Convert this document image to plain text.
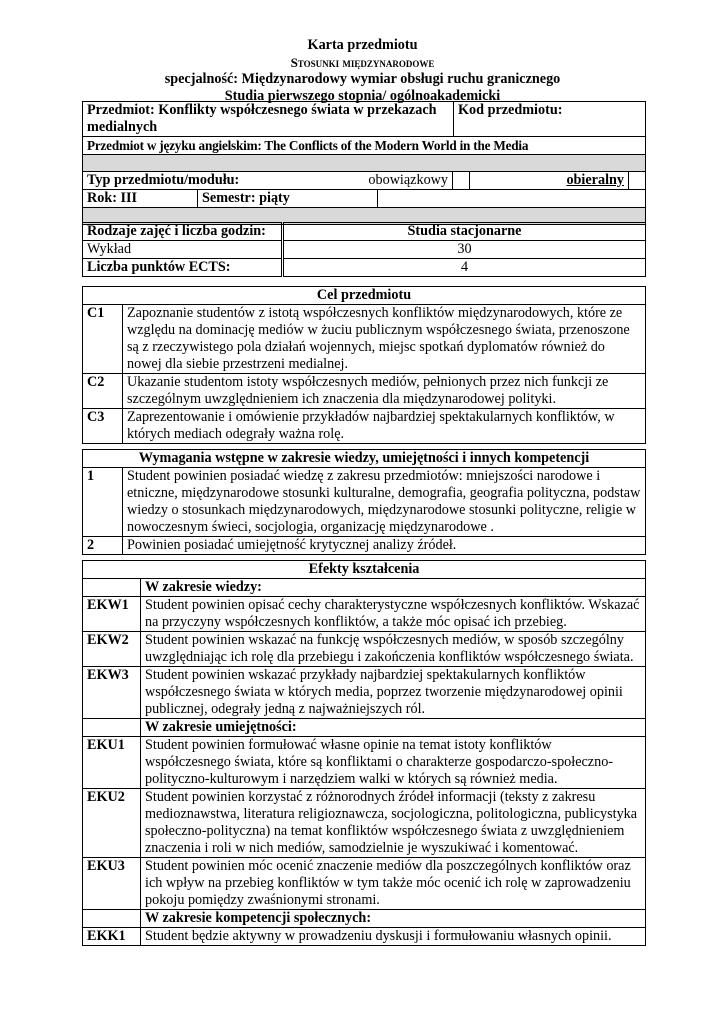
Karta przedmiotu
Stosunki międzynarodowe
specjalność: Międzynarodowy wymiar obsługi ruchu granicznego
Studia pierwszego stopnia/ ogólnoakademicki
Przedmiot: Konflikty współczesnego świata w przekazach medialnych	Kod przedmiotu:
Przedmiot w języku angielskim: The Conflicts of the Modern World in the Media

Typ przedmiotu/modułu:	obowiązkowy	obieralny

Rok: III	Semestr: piąty

Rodzaje zajęć i liczba godzin:	Studia stacjonarne
Wykład	30
Liczba punktów ECTS:	4
Cel przedmiotu	
C1	Zapoznanie studentów z istotą współczesnych konfliktów międzynarodowych, które ze względu na dominację mediów w żuciu publicznym współczesnego świata, przenoszone są z rzeczywistego pola działań wojennych, miejsc spotkań dyplomatów również do nowej dla siebie przestrzeni medialnej.
C2	Ukazanie studentom istoty współczesnych mediów, pełnionych przez nich funkcji ze szczególnym uwzględnieniem ich znaczenia dla międzynarodowej polityki.
C3	Zaprezentowanie i omówienie przykładów najbardziej spektakularnych konfliktów, w których mediach odegrały ważna rolę.
Wymagania wstępne w zakresie wiedzy, umiejętności i innych kompetencji	
1	Student powinien posiadać wiedzę z zakresu przedmiotów: mniejszości narodowe i etniczne, międzynarodowe stosunki kulturalne, demografia, geografia polityczna, podstaw wiedzy o stosunkach międzynarodowych, międzynarodowe stosunki polityczne, religie w nowoczesnym świeci, socjologia, organizację międzynarodowe .
2	Powinien posiadać umiejętność krytycznej analizy źródeł.
Efekty kształcenia	
	W zakresie wiedzy:
EKW1	Student powinien opisać cechy charakterystyczne współczesnych konfliktów. Wskazać na przyczyny współczesnych konfliktów, a także móc opisać ich przebieg.
EKW2	Student powinien wskazać na funkcję współczesnych mediów, w sposób szczególny uwzględniając ich rolę dla przebiegu i zakończenia konfliktów współczesnego świata.
EKW3	Student powinien wskazać przykłady najbardziej spektakularnych konfliktów współczesnego świata w których media, poprzez tworzenie międzynarodowej opinii publicznej, odegrały jedną z najważniejszych ról.
	W zakresie umiejętności:
EKU1	Student powinien formułować własne opinie na temat istoty konfliktów współczesnego świata, które są konfliktami o charakterze gospodarczo-społeczno-polityczno-kulturowym i narzędziem walki w których są również media.
EKU2	Student powinien korzystać z różnorodnych źródeł informacji (teksty z zakresu medioznawstwa, literatura religioznawcza, socjologiczna, politologiczna, publicystyka społeczno-polityczna) na temat konfliktów współczesnego świata z uwzględnieniem znaczenia i roli w nich mediów, samodzielnie je wyszukiwać i komentować.
EKU3	Student powinien móc ocenić znaczenie mediów dla poszczególnych konfliktów oraz ich wpływ na przebieg konfliktów w tym także móc ocenić ich rolę w zaprowadzeniu pokoju pomiędzy zwaśnionymi stronami.
	W zakresie kompetencji społecznych:
EKK1	Student będzie aktywny w prowadzeniu dyskusji i formułowaniu własnych opinii.
